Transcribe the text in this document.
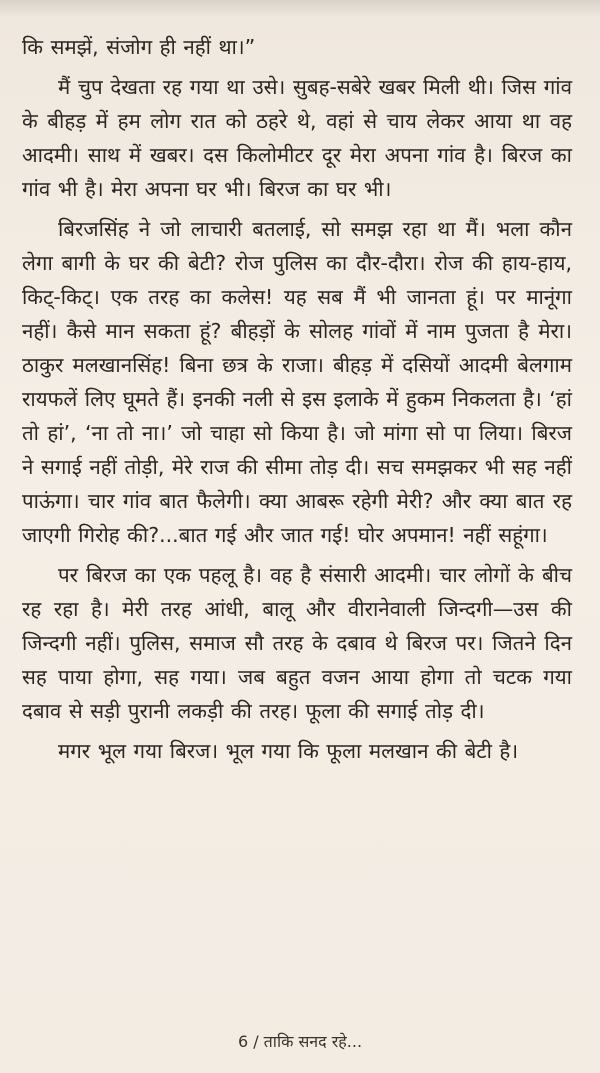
कि समझें, संजोग ही नहीं था।”

मैं चुप देखता रह गया था उसे। सुबह-सबेरे खबर मिली थी। जिस गांव के बीहड़ में हम लोग रात को ठहरे थे, वहां से चाय लेकर आया था वह आदमी। साथ में खबर। दस किलोमीटर दूर मेरा अपना गांव है। बिरज का गांव भी है। मेरा अपना घर भी। बिरज का घर भी।

बिरजसिंह ने जो लाचारी बतलाई, सो समझ रहा था मैं। भला कौन लेगा बागी के घर की बेटी? रोज पुलिस का दौर-दौरा। रोज की हाय-हाय, किट्-किट्। एक तरह का कलेस! यह सब मैं भी जानता हूं। पर मानूंगा नहीं। कैसे मान सकता हूं? बीहड़ों के सोलह गांवों में नाम पुजता है मेरा। ठाकुर मलखानसिंह! बिना छत्र के राजा। बीहड़ में दसियों आदमी बेलगाम रायफलें लिए घूमते हैं। इनकी नली से इस इलाके में हुकम निकलता है। ‘हां तो हां’, ‘ना तो ना।’ जो चाहा सो किया है। जो मांगा सो पा लिया। बिरज ने सगाई नहीं तोड़ी, मेरे राज की सीमा तोड़ दी। सच समझकर भी सह नहीं पाऊंगा। चार गांव बात फैलेगी। क्या आबरू रहेगी मेरी? और क्या बात रह जाएगी गिरोह की?...बात गई और जात गई! घोर अपमान! नहीं सहूंगा।

पर बिरज का एक पहलू है। वह है संसारी आदमी। चार लोगों के बीच रह रहा है। मेरी तरह आंधी, बालू और वीरानेवाली जिन्दगी—उस की जिन्दगी नहीं। पुलिस, समाज सौ तरह के दबाव थे बिरज पर। जितने दिन सह पाया होगा, सह गया। जब बहुत वजन आया होगा तो चटक गया दबाव से सड़ी पुरानी लकड़ी की तरह। फूला की सगाई तोड़ दी।

मगर भूल गया बिरज। भूल गया कि फूला मलखान की बेटी है।

6 / ताकि सनद रहे...
